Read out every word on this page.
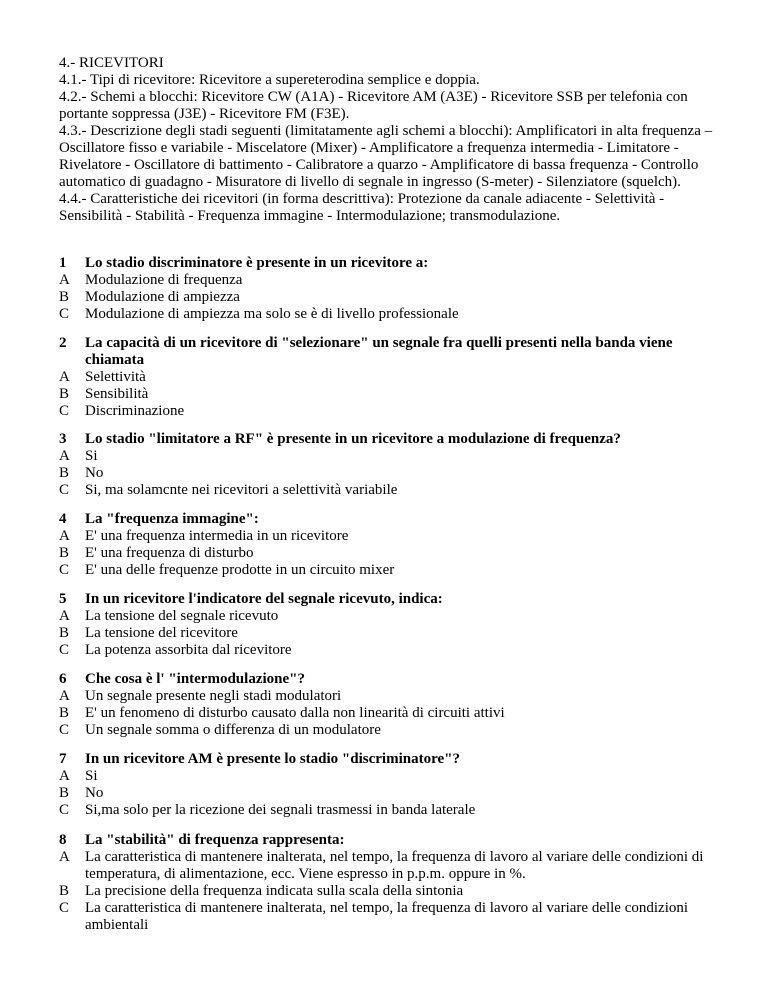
4.- RICEVITORI
4.1.- Tipi di ricevitore: Ricevitore a supereterodina semplice e doppia.
4.2.- Schemi a blocchi: Ricevitore CW (A1A) - Ricevitore AM (A3E) - Ricevitore SSB per telefonia con portante soppressa (J3E) - Ricevitore FM (F3E).
4.3.- Descrizione degli stadi seguenti (limitatamente agli schemi a blocchi): Amplificatori in alta frequenza – Oscillatore fisso e variabile - Miscelatore (Mixer) - Amplificatore a frequenza intermedia - Limitatore - Rivelatore - Oscillatore di battimento - Calibratore a quarzo - Amplificatore di bassa frequenza - Controllo automatico di guadagno - Misuratore di livello di segnale in ingresso (S-meter) - Silenziatore (squelch).
4.4.- Caratteristiche dei ricevitori (in forma descrittiva): Protezione da canale adiacente - Selettività - Sensibilità - Stabilità - Frequenza immagine - Intermodulazione; transmodulazione.
1	Lo stadio discriminatore è presente in un ricevitore a:
A	Modulazione di frequenza
B	Modulazione di ampiezza
C	Modulazione di ampiezza ma solo se è di livello professionale
2	La capacità di un ricevitore di "selezionare" un segnale fra quelli presenti nella banda viene chiamata
A	Selettività
B	Sensibilità
C	Discriminazione
3	Lo stadio "limitatore a RF" è presente in un ricevitore a modulazione di frequenza?
A	Si
B	No
C	Si, ma solamcnte nei ricevitori a selettività variabile
4	La "frequenza immagine":
A	E' una frequenza intermedia in un ricevitore
B	E' una frequenza di disturbo
C	E' una delle frequenze prodotte in un circuito mixer
5	In un ricevitore l'indicatore del segnale ricevuto, indica:
A	La tensione del segnale ricevuto
B	La tensione del ricevitore
C	La potenza assorbita dal ricevitore
6	Che cosa è l' "intermodulazione"?
A	Un segnale presente negli stadi modulatori
B	E' un fenomeno di disturbo causato dalla non linearità di circuiti attivi
C	Un segnale somma o differenza di un modulatore
7	In un ricevitore AM è presente lo stadio "discriminatore"?
A	Si
B	No
C	Si,ma solo per la ricezione dei segnali trasmessi in banda laterale
8	La "stabilità" di frequenza rappresenta:
A	La caratteristica di mantenere inalterata, nel tempo, la frequenza di lavoro al variare delle condizioni di temperatura, di alimentazione, ecc. Viene espresso in p.p.m. oppure in %.
B	La precisione della frequenza indicata sulla scala della sintonia
C	La caratteristica di mantenere inalterata, nel tempo, la frequenza di lavoro al variare delle condizioni ambientali
